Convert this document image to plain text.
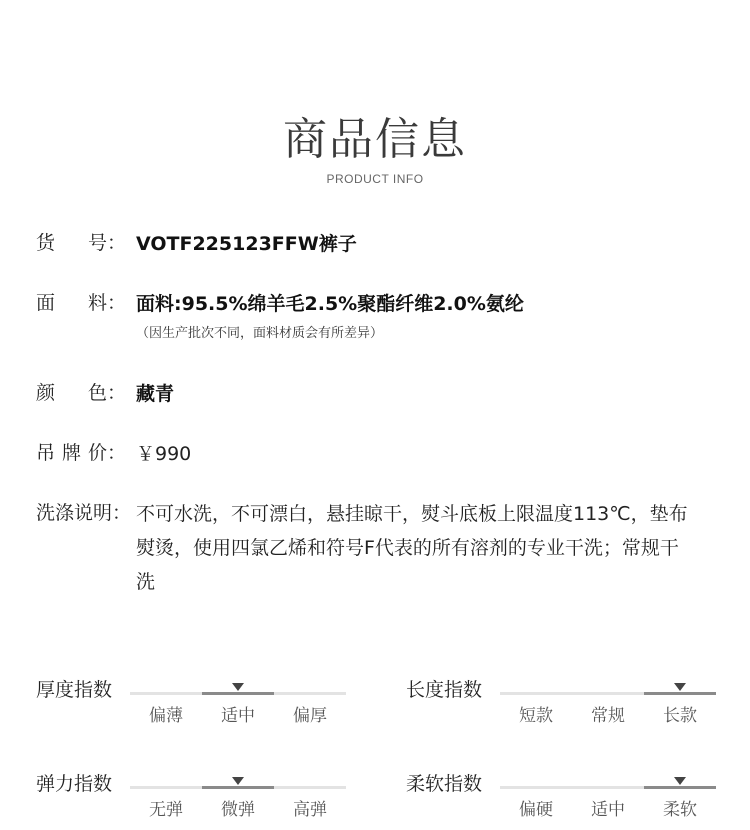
商品信息
PRODUCT INFO
货 号： VOTF225123FFW裤子
面 料： 面料:95.5%绵羊毛2.5%聚酯纤维2.0%氨纶
（因生产批次不同，面料材质会有所差异）
颜 色： 藏青
吊 牌 价： ￥990
洗涤说明： 不可水洗，不可漂白，悬挂晾干，熨斗底板上限温度113℃，垫布
熨烫，使用四氯乙烯和符号F代表的所有溶剂的专业干洗；常规干
洗
厚度指数
偏薄	适中	偏厚
长度指数
短款	常规	长款
弹力指数
无弹	微弹	高弹
柔软指数
偏硬	适中	柔软
